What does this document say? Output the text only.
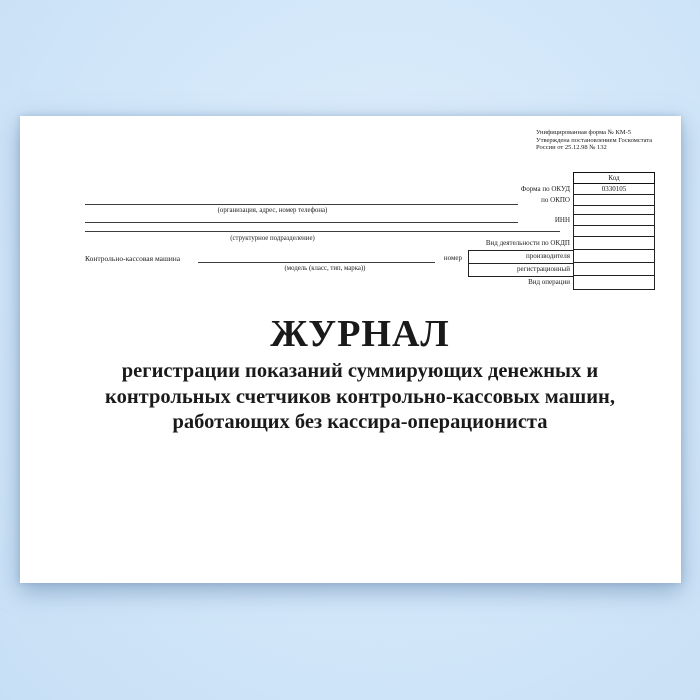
Унифицированная форма № КМ-5
Утверждена постановлением Госкомстата
России от 25.12.98 № 132
Код
0330105
Форма по ОКУД
по ОКПО
ИНН
Вид деятельности по ОКДП
производителя
регистрационный
Вид операции
номер
(организация, адрес, номер телефона)
(структурное подразделение)
Контрольно-кассовая машина
(модель (класс, тип, марка))
ЖУРНАЛ
регистрации показаний суммирующих денежных и
контрольных счетчиков контрольно-кассовых машин,
работающих без кассира-операциониста
